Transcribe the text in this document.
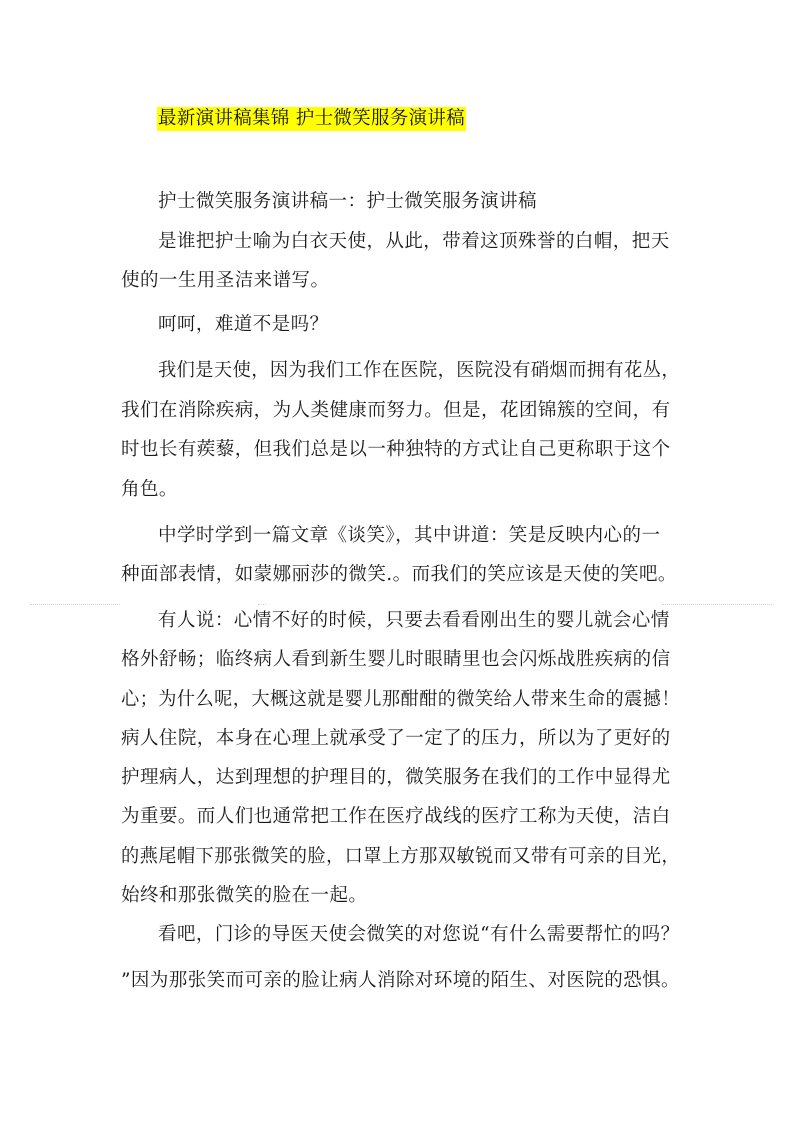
最新演讲稿集锦 护士微笑服务演讲稿
护士微笑服务演讲稿一：护士微笑服务演讲稿
是谁把护士喻为白衣天使，从此，带着这顶殊誉的白帽，把天
使的一生用圣洁来谱写。
呵呵，难道不是吗？
我们是天使，因为我们工作在医院，医院没有硝烟而拥有花丛，
我们在消除疾病，为人类健康而努力。但是，花团锦簇的空间，有
时也长有蒺藜，但我们总是以一种独特的方式让自己更称职于这个
角色。
中学时学到一篇文章《谈笑》，其中讲道：笑是反映内心的一
种面部表情，如蒙娜丽莎的微笑.。而我们的笑应该是天使的笑吧。
有人说：心情不好的时候，只要去看看刚出生的婴儿就会心情
格外舒畅；临终病人看到新生婴儿时眼睛里也会闪烁战胜疾病的信
心；为什么呢，大概这就是婴儿那酣酣的微笑给人带来生命的震撼！
病人住院，本身在心理上就承受了一定了的压力，所以为了更好的
护理病人，达到理想的护理目的，微笑服务在我们的工作中显得尤
为重要。而人们也通常把工作在医疗战线的医疗工称为天使，洁白
的燕尾帽下那张微笑的脸，口罩上方那双敏锐而又带有可亲的目光，
始终和那张微笑的脸在一起。
看吧，门诊的导医天使会微笑的对您说“有什么需要帮忙的吗？
”因为那张笑而可亲的脸让病人消除对环境的陌生、对医院的恐惧。
